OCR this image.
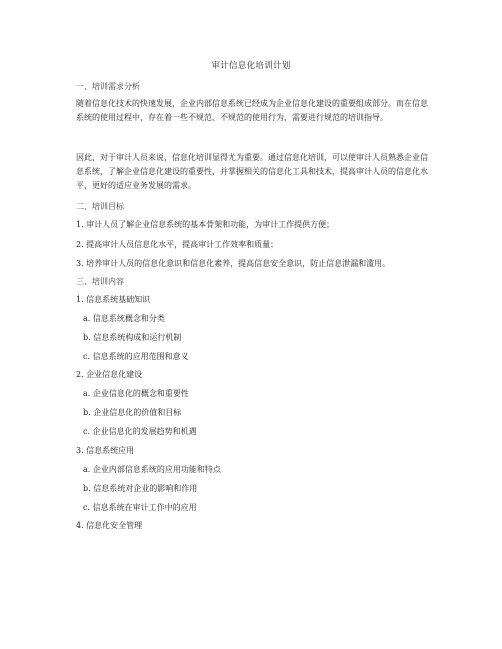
审计信息化培训计划
一、培训需求分析
随着信息化技术的快速发展，企业内部信息系统已经成为企业信息化建设的重要组成部分。而在信息系统的使用过程中，存在着一些不规范、不规范的使用行为，需要进行规范的培训指导。
因此，对于审计人员来说，信息化培训显得尤为重要。通过信息化培训，可以使审计人员熟悉企业信息系统，了解企业信息化建设的重要性，并掌握相关的信息化工具和技术，提高审计人员的信息化水平，更好的适应业务发展的需求。
二、培训目标
1. 审计人员了解企业信息系统的基本骨架和功能，为审计工作提供方便；
2. 提高审计人员信息化水平，提高审计工作效率和质量；
3. 培养审计人员的信息化意识和信息化素养，提高信息安全意识，防止信息泄漏和滥用。
三、培训内容
1. 信息系统基础知识
a. 信息系统概念和分类
b. 信息系统构成和运行机制
c. 信息系统的应用范围和意义
2. 企业信息化建设
a. 企业信息化的概念和重要性
b. 企业信息化的价值和目标
c. 企业信息化的发展趋势和机遇
3. 信息系统应用
a. 企业内部信息系统的应用功能和特点
b. 信息系统对企业的影响和作用
c. 信息系统在审计工作中的应用
4. 信息化安全管理
